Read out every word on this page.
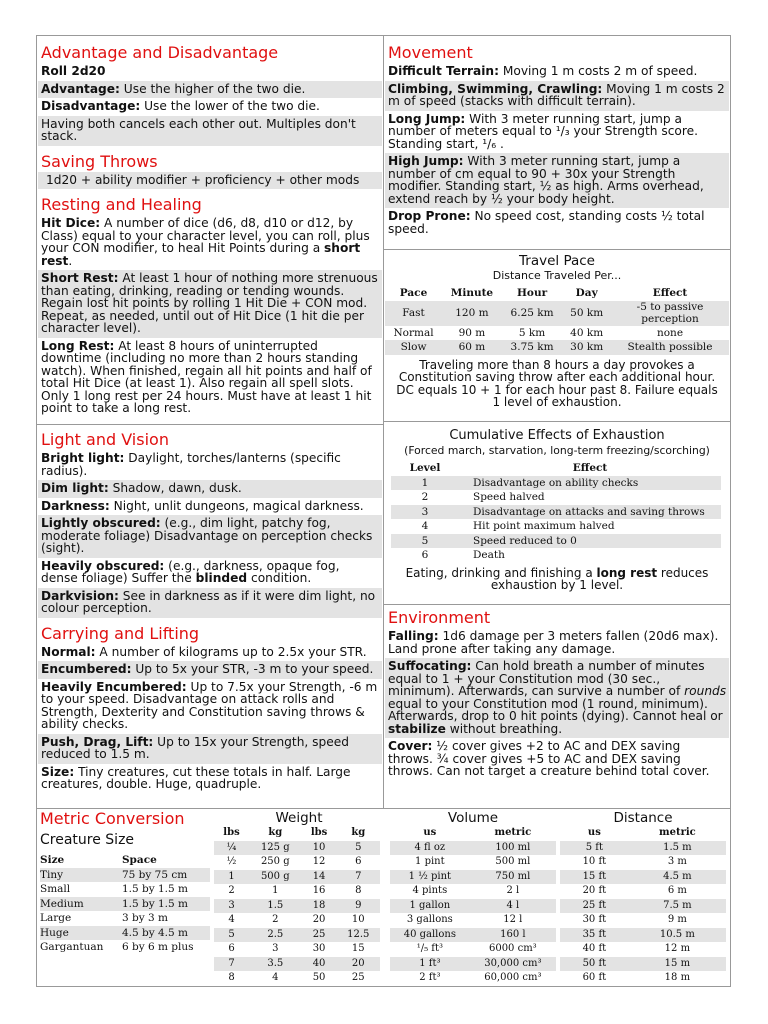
Advantage and Disadvantage
Roll 2d20
Advantage: Use the higher of the two die.
Disadvantage: Use the lower of the two die.
Having both cancels each other out. Multiples don't stack.
Saving Throws
1d20 + ability modifier + proficiency + other mods
Resting and Healing
Hit Dice: A number of dice (d6, d8, d10 or d12, by Class) equal to your character level, you can roll, plus your CON modifier, to heal Hit Points during a short rest.
Short Rest: At least 1 hour of nothing more strenuous than eating, drinking, reading or tending wounds. Regain lost hit points by rolling 1 Hit Die + CON mod. Repeat, as needed, until out of Hit Dice (1 hit die per character level).
Long Rest: At least 8 hours of uninterrupted downtime (including no more than 2 hours standing watch). When finished, regain all hit points and half of total Hit Dice (at least 1). Also regain all spell slots. Only 1 long rest per 24 hours. Must have at least 1 hit point to take a long rest.
Light and Vision
Bright light: Daylight, torches/lanterns (specific radius).
Dim light: Shadow, dawn, dusk.
Darkness: Night, unlit dungeons, magical darkness.
Lightly obscured: (e.g., dim light, patchy fog, moderate foliage) Disadvantage on perception checks (sight).
Heavily obscured: (e.g., darkness, opaque fog, dense foliage) Suffer the blinded condition.
Darkvision: See in darkness as if it were dim light, no colour perception.
Carrying and Lifting
Normal: A number of kilograms up to 2.5x your STR.
Encumbered: Up to 5x your STR, -3 m to your speed.
Heavily Encumbered: Up to 7.5x your Strength, -6 m to your speed. Disadvantage on attack rolls and Strength, Dexterity and Constitution saving throws & ability checks.
Push, Drag, Lift: Up to 15x your Strength, speed reduced to 1.5 m.
Size: Tiny creatures, cut these totals in half. Large creatures, double. Huge, quadruple.
Movement
Difficult Terrain: Moving 1 m costs 2 m of speed.
Climbing, Swimming, Crawling: Moving 1 m costs 2 m of speed (stacks with difficult terrain).
Long Jump: With 3 meter running start, jump a number of meters equal to ¹/₃ your Strength score. Standing start, ¹/₆ .
High Jump: With 3 meter running start, jump a number of cm equal to 90 + 30x your Strength modifier. Standing start, ½ as high. Arms overhead, extend reach by ½ your body height.
Drop Prone: No speed cost, standing costs ½ total speed.
Travel Pace
Distance Traveled Per...
Pace	Minute	Hour	Day	Effect
Fast	120 m	6.25 km	50 km	-5 to passive perception
Normal	90 m	5 km	40 km	none
Slow	60 m	3.75 km	30 km	Stealth possible
Traveling more than 8 hours a day provokes a Constitution saving throw after each additional hour. DC equals 10 + 1 for each hour past 8. Failure equals 1 level of exhaustion.
Cumulative Effects of Exhaustion
(Forced march, starvation, long-term freezing/scorching)
Level	Effect
1	Disadvantage on ability checks
2	Speed halved
3	Disadvantage on attacks and saving throws
4	Hit point maximum halved
5	Speed reduced to 0
6	Death
Eating, drinking and finishing a long rest reduces exhaustion by 1 level.
Environment
Falling: 1d6 damage per 3 meters fallen (20d6 max). Land prone after taking any damage.
Suffocating: Can hold breath a number of minutes equal to 1 + your Constitution mod (30 sec., minimum). Afterwards, can survive a number of rounds equal to your Constitution mod (1 round, minimum). Afterwards, drop to 0 hit points (dying). Cannot heal or stabilize without breathing.
Cover: ½ cover gives +2 to AC and DEX saving throws. ¾ cover gives +5 to AC and DEX saving throws. Can not target a creature behind total cover.
Metric Conversion
Creature Size
Size	Space
Tiny	75 by 75 cm
Small	1.5 by 1.5 m
Medium	1.5 by 1.5 m
Large	3 by 3 m
Huge	4.5 by 4.5 m
Gargantuan	6 by 6 m plus
Weight
lbs	kg	lbs	kg
¼	125 g	10	5
½	250 g	12	6
1	500 g	14	7
2	1	16	8
3	1.5	18	9
4	2	20	10
5	2.5	25	12.5
6	3	30	15
7	3.5	40	20
8	4	50	25
Volume
us	metric
4 fl oz	100 ml
1 pint	500 ml
1 ½ pint	750 ml
4 pints	2 l
1 gallon	4 l
3 gallons	12 l
40 gallons	160 l
¹/₅ ft³	6000 cm³
1 ft³	30,000 cm³
2 ft³	60,000 cm³
Distance
us	metric
5 ft	1.5 m
10 ft	3 m
15 ft	4.5 m
20 ft	6 m
25 ft	7.5 m
30 ft	9 m
35 ft	10.5 m
40 ft	12 m
50 ft	15 m
60 ft	18 m
